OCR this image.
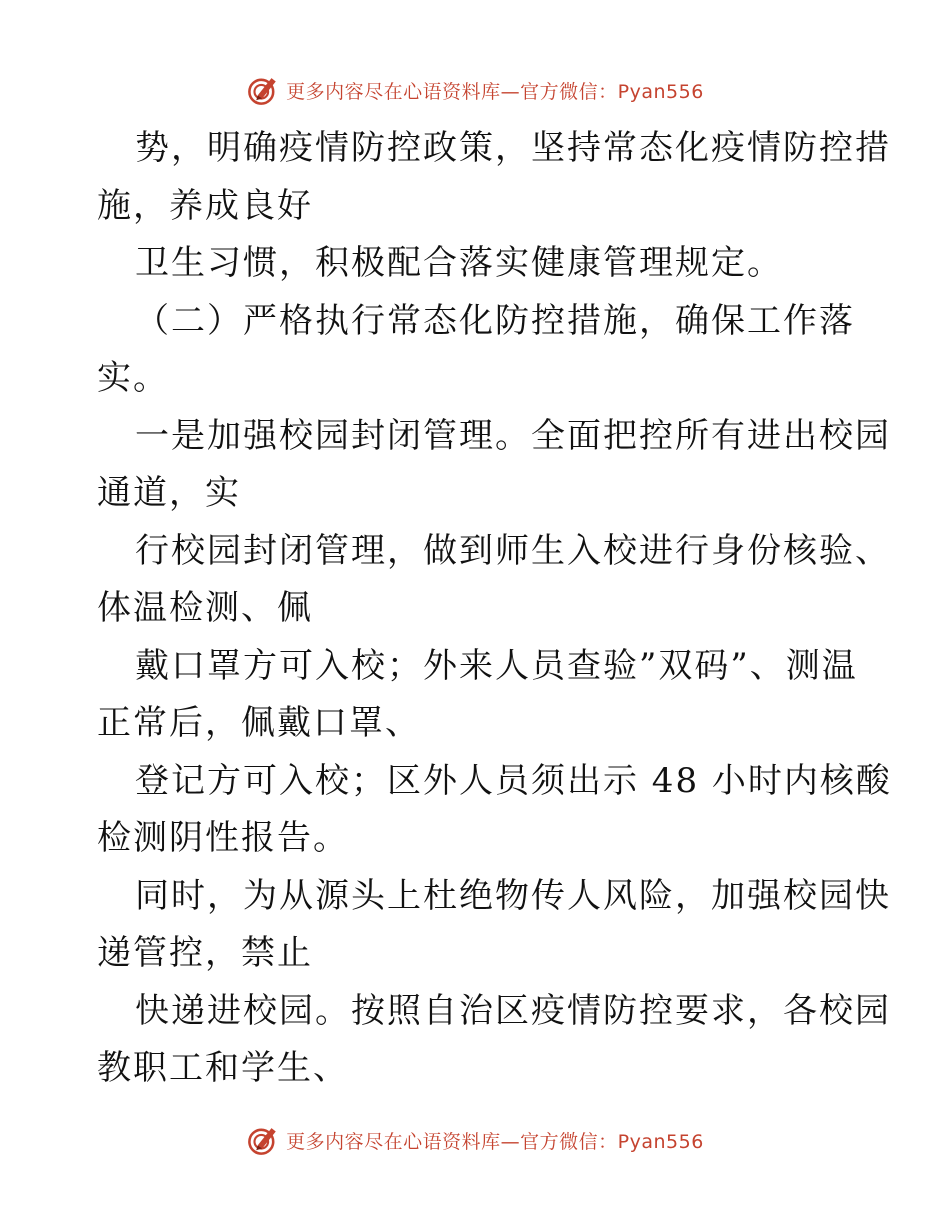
更多内容尽在心语资料库—官方微信：Pyan556
势，明确疫情防控政策，坚持常态化疫情防控措
施，养成良好
卫生习惯，积极配合落实健康管理规定。
（二）严格执行常态化防控措施，确保工作落
实。
一是加强校园封闭管理。全面把控所有进出校园
通道，实
行校园封闭管理，做到师生入校进行身份核验、
体温检测、佩
戴口罩方可入校；外来人员查验”双码”、测温
正常后，佩戴口罩、
登记方可入校；区外人员须出示 48 小时内核酸
检测阴性报告。
同时，为从源头上杜绝物传人风险，加强校园快
递管控，禁止
快递进校园。按照自治区疫情防控要求，各校园
教职工和学生、
更多内容尽在心语资料库—官方微信：Pyan556
